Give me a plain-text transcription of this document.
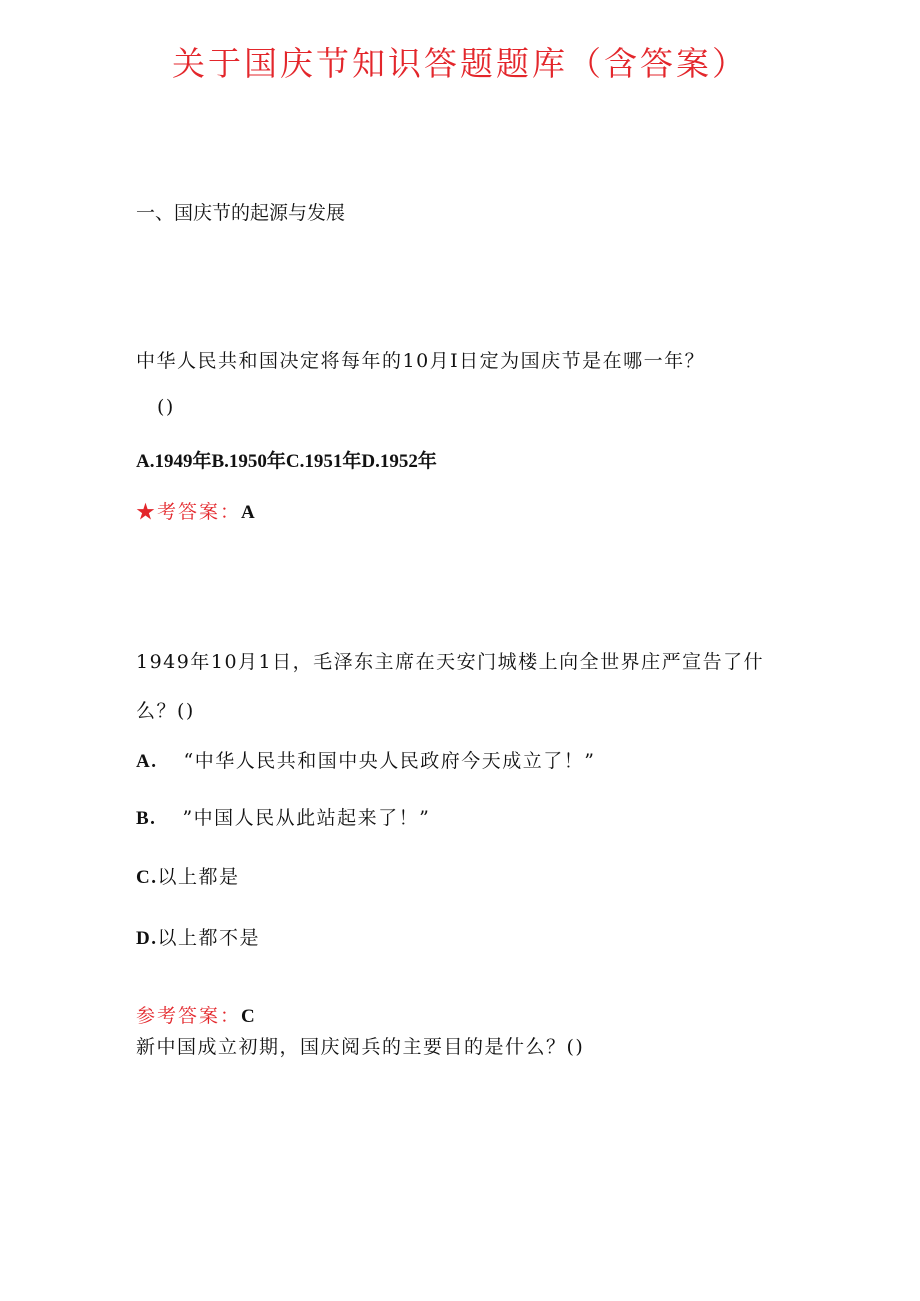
关于国庆节知识答题题库（含答案）
一、国庆节的起源与发展
中华人民共和国决定将每年的10月I日定为国庆节是在哪一年？
()
A.1949年B.1950年C.1951年D.1952年
★考答案：A
1949年10月1日，毛泽东主席在天安门城楼上向全世界庄严宣告了什
么？()
A. “中华人民共和国中央人民政府今天成立了！”
B. ”中国人民从此站起来了！”
C.以上都是
D.以上都不是
参考答案：C
新中国成立初期，国庆阅兵的主要目的是什么？()
